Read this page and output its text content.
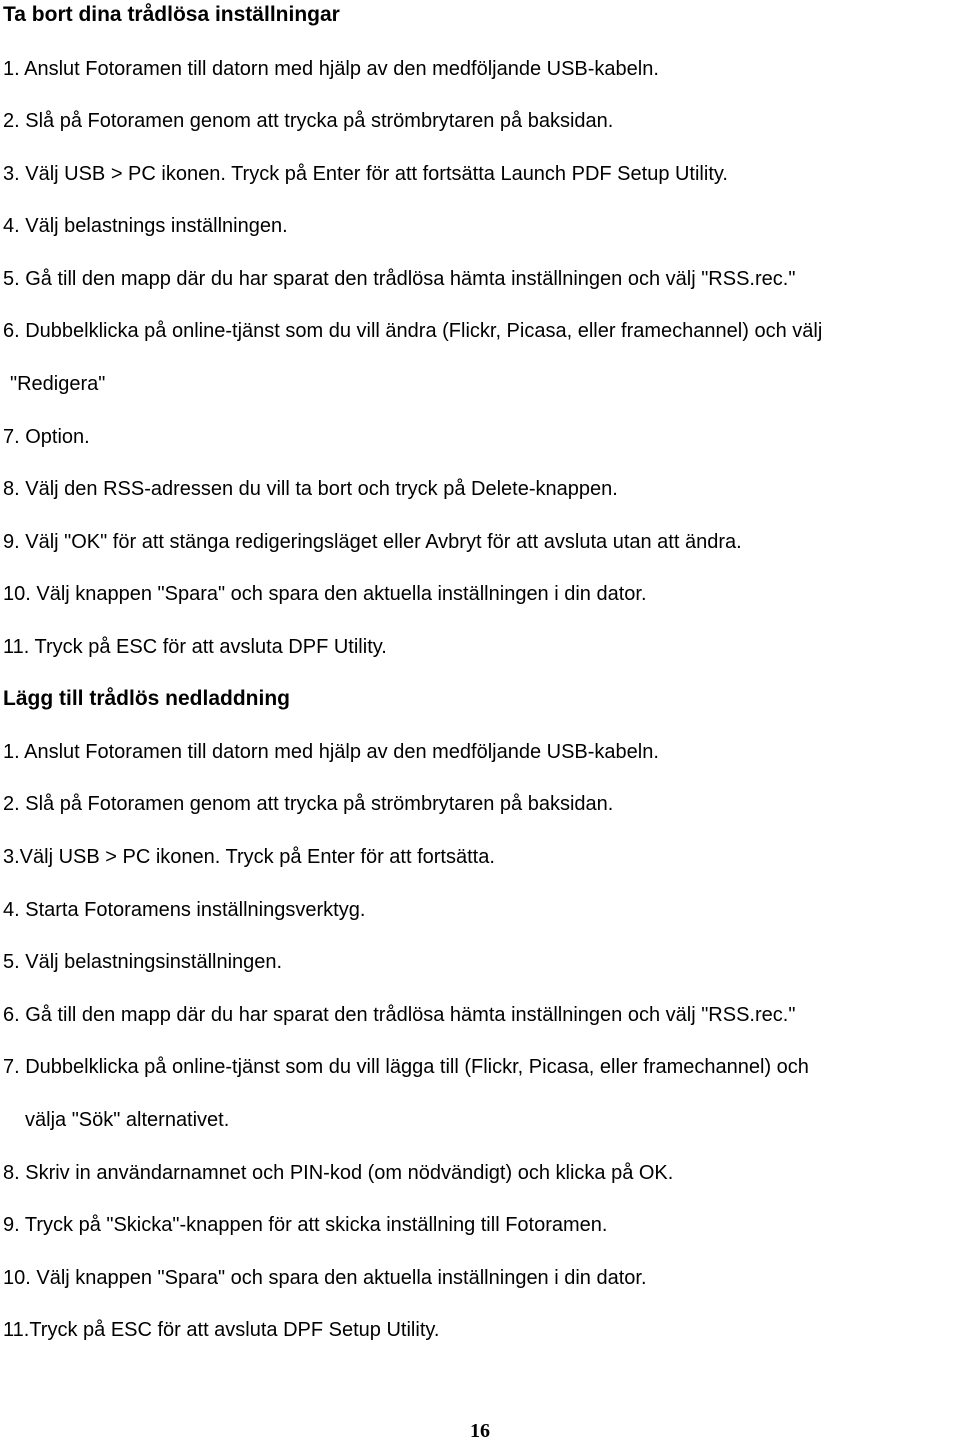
Ta bort dina trådlösa inställningar

1. Anslut Fotoramen till datorn med hjälp av den medföljande USB-kabeln.

2. Slå på Fotoramen genom att trycka på strömbrytaren på baksidan.

3. Välj USB > PC ikonen. Tryck på Enter för att fortsätta Launch PDF Setup Utility.

4. Välj belastnings inställningen.

5. Gå till den mapp där du har sparat den trådlösa hämta inställningen och välj "RSS.rec."

6. Dubbelklicka på online-tjänst som du vill ändra (Flickr, Picasa, eller framechannel) och välj

"Redigera"

7. Option.

8. Välj den RSS-adressen du vill ta bort och tryck på Delete-knappen.

9. Välj "OK" för att stänga redigeringsläget eller Avbryt för att avsluta utan att ändra.

10. Välj knappen "Spara" och spara den aktuella inställningen i din dator.

11. Tryck på ESC för att avsluta DPF Utility.

Lägg till trådlös nedladdning

1. Anslut Fotoramen till datorn med hjälp av den medföljande USB-kabeln.

2. Slå på Fotoramen genom att trycka på strömbrytaren på baksidan.

3.Välj USB > PC ikonen. Tryck på Enter för att fortsätta.

4. Starta Fotoramens inställningsverktyg.

5. Välj belastningsinställningen.

6. Gå till den mapp där du har sparat den trådlösa hämta inställningen och välj "RSS.rec."

7. Dubbelklicka på online-tjänst som du vill lägga till (Flickr, Picasa, eller framechannel) och

välja "Sök" alternativet.

8. Skriv in användarnamnet och PIN-kod (om nödvändigt) och klicka på OK.

9. Tryck på "Skicka"-knappen för att skicka inställning till Fotoramen.

10. Välj knappen "Spara" och spara den aktuella inställningen i din dator.

11.Tryck på ESC för att avsluta DPF Setup Utility.

16
